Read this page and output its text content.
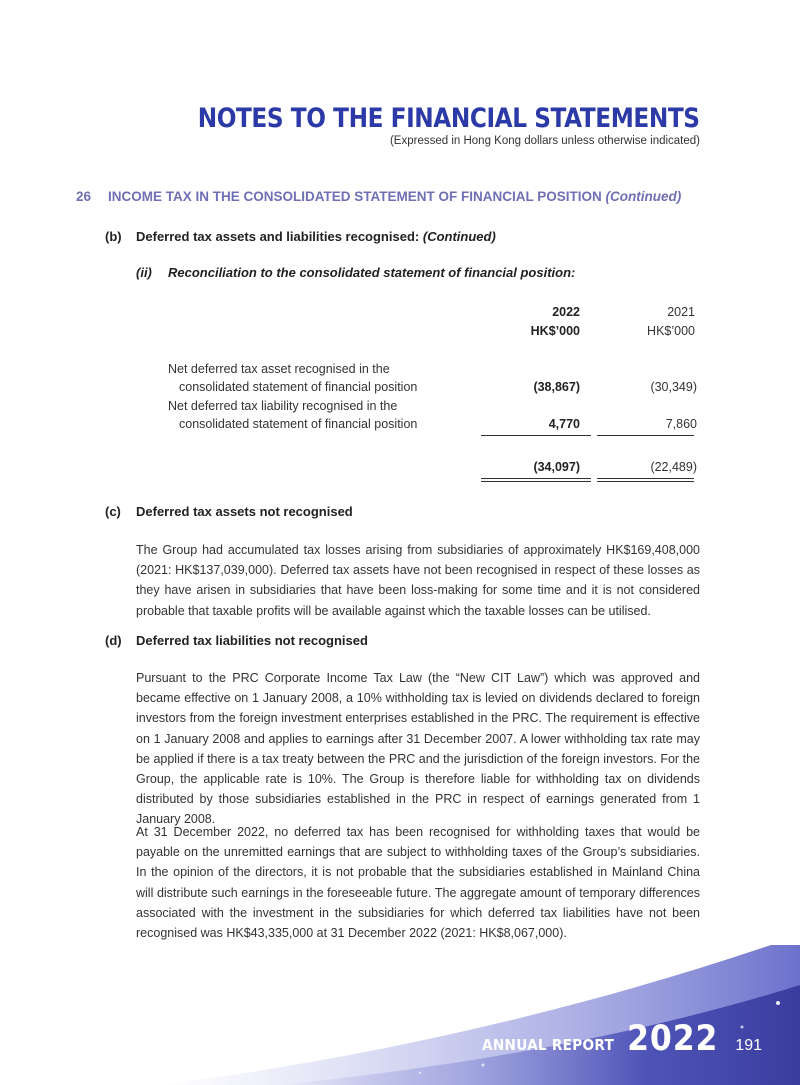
NOTES TO THE FINANCIAL STATEMENTS
(Expressed in Hong Kong dollars unless otherwise indicated)
26 INCOME TAX IN THE CONSOLIDATED STATEMENT OF FINANCIAL POSITION (Continued)
(b) Deferred tax assets and liabilities recognised: (Continued)
(ii) Reconciliation to the consolidated statement of financial position:
2022	2021
HK$’000	HK$’000
Net deferred tax asset recognised in the
consolidated statement of financial position	(38,867)	(30,349)
Net deferred tax liability recognised in the
consolidated statement of financial position	4,770	7,860
(34,097)	(22,489)
(c) Deferred tax assets not recognised
The Group had accumulated tax losses arising from subsidiaries of approximately HK$169,408,000 (2021: HK$137,039,000). Deferred tax assets have not been recognised in respect of these losses as they have arisen in subsidiaries that have been loss-making for some time and it is not considered probable that taxable profits will be available against which the taxable losses can be utilised.
(d) Deferred tax liabilities not recognised
Pursuant to the PRC Corporate Income Tax Law (the “New CIT Law”) which was approved and became effective on 1 January 2008, a 10% withholding tax is levied on dividends declared to foreign investors from the foreign investment enterprises established in the PRC. The requirement is effective on 1 January 2008 and applies to earnings after 31 December 2007. A lower withholding tax rate may be applied if there is a tax treaty between the PRC and the jurisdiction of the foreign investors. For the Group, the applicable rate is 10%. The Group is therefore liable for withholding tax on dividends distributed by those subsidiaries established in the PRC in respect of earnings generated from 1 January 2008.
At 31 December 2022, no deferred tax has been recognised for withholding taxes that would be payable on the unremitted earnings that are subject to withholding taxes of the Group’s subsidiaries. In the opinion of the directors, it is not probable that the subsidiaries established in Mainland China will distribute such earnings in the foreseeable future. The aggregate amount of temporary differences associated with the investment in the subsidiaries for which deferred tax liabilities have not been recognised was HK$43,335,000 at 31 December 2022 (2021: HK$8,067,000).
ANNUAL REPORT 2022 191
